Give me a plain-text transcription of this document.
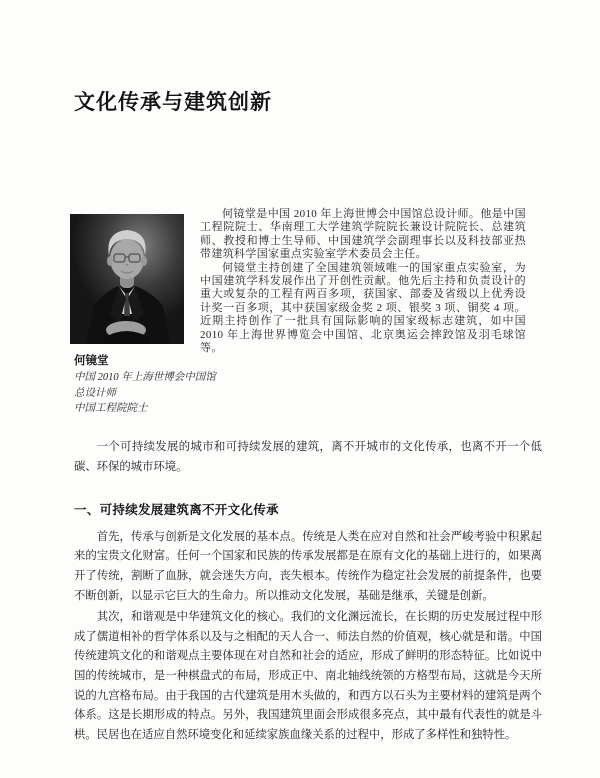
文化传承与建筑创新

何镜堂是中国 2010 年上海世博会中国馆总设计师。他是中国工程院院士、华南理工大学建筑学院院长兼设计院院长、总建筑师、教授和博士生导师、中国建筑学会副理事长以及科技部亚热带建筑科学国家重点实验室学术委员会主任。

何镜堂主持创建了全国建筑领域唯一的国家重点实验室，为中国建筑学科发展作出了开创性贡献。他先后主持和负责设计的重大或复杂的工程有两百多项，获国家、部委及省级以上优秀设计奖一百多项，其中获国家级金奖 2 项、银奖 3 项、铜奖 4 项。近期主持创作了一批具有国际影响的国家级标志建筑，如中国 2010 年上海世界博览会中国馆、北京奥运会摔跤馆及羽毛球馆等。

何镜堂
中国 2010 年上海世博会中国馆
总设计师
中国工程院院士

一个可持续发展的城市和可持续发展的建筑，离不开城市的文化传承，也离不开一个低碳、环保的城市环境。

一、可持续发展建筑离不开文化传承

首先，传承与创新是文化发展的基本点。传统是人类在应对自然和社会严峻考验中积累起来的宝贵文化财富。任何一个国家和民族的传承发展都是在原有文化的基础上进行的，如果离开了传统，割断了血脉，就会迷失方向，丧失根本。传统作为稳定社会发展的前提条件，也要不断创新，以显示它巨大的生命力。所以推动文化发展，基础是继承，关键是创新。

其次，和谐观是中华建筑文化的核心。我们的文化渊远流长，在长期的历史发展过程中形成了儒道相补的哲学体系以及与之相配的天人合一、师法自然的价值观，核心就是和谐。中国传统建筑文化的和谐观点主要体现在对自然和社会的适应，形成了鲜明的形态特征。比如说中国的传统城市，是一种棋盘式的布局，形成正中、南北轴线统领的方格型布局，这就是今天所说的九宫格布局。由于我国的古代建筑是用木头做的，和西方以石头为主要材料的建筑是两个体系。这是长期形成的特点。另外，我国建筑里面会形成很多亮点，其中最有代表性的就是斗栱。民居也在适应自然环境变化和延续家族血缘关系的过程中，形成了多样性和独特性。
